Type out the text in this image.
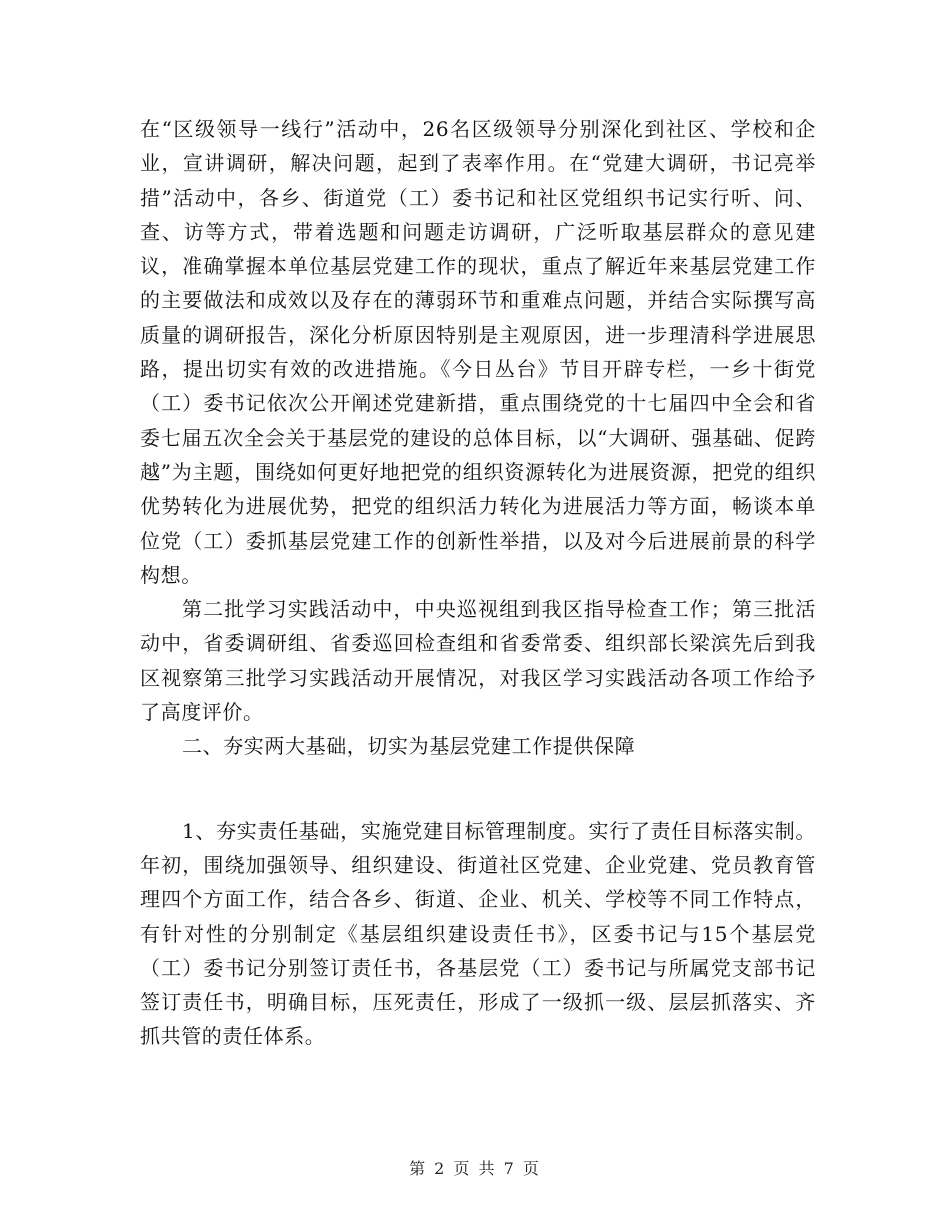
在“区级领导一线行”活动中，26名区级领导分别深化到社区、学校和企业，宣讲调研，解决问题，起到了表率作用。在“党建大调研，书记亮举措”活动中，各乡、街道党（工）委书记和社区党组织书记实行听、问、查、访等方式，带着选题和问题走访调研，广泛听取基层群众的意见建议，准确掌握本单位基层党建工作的现状，重点了解近年来基层党建工作的主要做法和成效以及存在的薄弱环节和重难点问题，并结合实际撰写高质量的调研报告，深化分析原因特别是主观原因，进一步理清科学进展思路，提出切实有效的改进措施。《今日丛台》节目开辟专栏，一乡十街党（工）委书记依次公开阐述党建新措，重点围绕党的十七届四中全会和省委七届五次全会关于基层党的建设的总体目标，以“大调研、强基础、促跨越”为主题，围绕如何更好地把党的组织资源转化为进展资源，把党的组织优势转化为进展优势，把党的组织活力转化为进展活力等方面，畅谈本单位党（工）委抓基层党建工作的创新性举措，以及对今后进展前景的科学构想。

第二批学习实践活动中，中央巡视组到我区指导检查工作；第三批活动中，省委调研组、省委巡回检查组和省委常委、组织部长梁滨先后到我区视察第三批学习实践活动开展情况，对我区学习实践活动各项工作给予了高度评价。

二、夯实两大基础，切实为基层党建工作提供保障

1、夯实责任基础，实施党建目标管理制度。实行了责任目标落实制。年初，围绕加强领导、组织建设、街道社区党建、企业党建、党员教育管理四个方面工作，结合各乡、街道、企业、机关、学校等不同工作特点，有针对性的分别制定《基层组织建设责任书》，区委书记与15个基层党（工）委书记分别签订责任书，各基层党（工）委书记与所属党支部书记签订责任书，明确目标，压死责任，形成了一级抓一级、层层抓落实、齐抓共管的责任体系。

第 2 页 共 7 页
